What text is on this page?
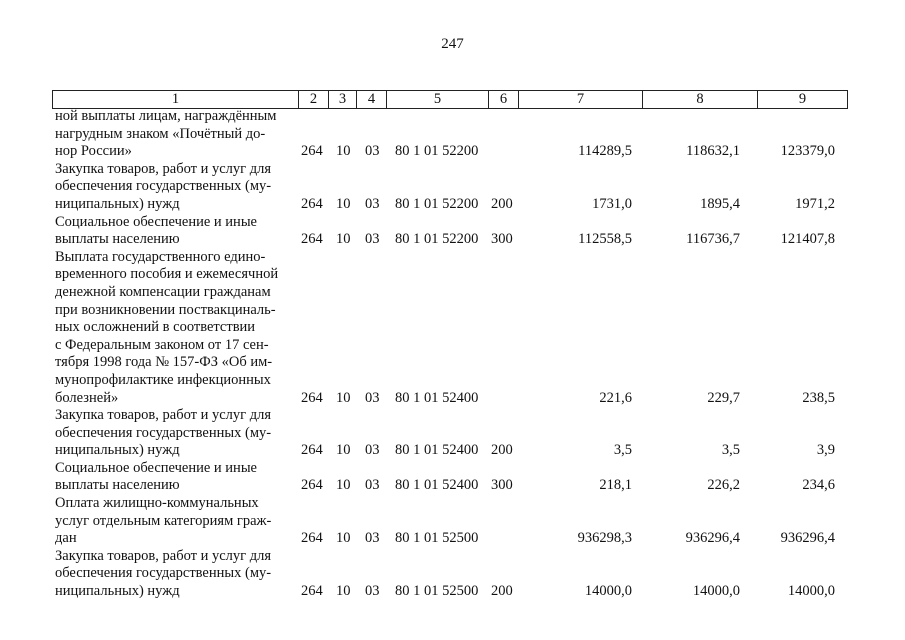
247
1	2	3	4	5	6	7	8	9
ной выплаты лицам, награждённым
нагрудным знаком «Почётный до-
нор России»	264 10 03 80 1 01 52200	114289,5	118632,1	123379,0
Закупка товаров, работ и услуг для
обеспечения государственных (му-
ниципальных) нужд	264 10 03 80 1 01 52200 200	1731,0	1895,4	1971,2
Социальное обеспечение и иные
выплаты населению	264 10 03 80 1 01 52200 300	112558,5	116736,7	121407,8
Выплата государственного едино-
временного пособия и ежемесячной
денежной компенсации гражданам
при возникновении поствакциналь-
ных осложнений в соответствии
с Федеральным законом от 17 сен-
тября 1998 года № 157-ФЗ «Об им-
мунопрофилактике инфекционных
болезней»	264 10 03 80 1 01 52400	221,6	229,7	238,5
Закупка товаров, работ и услуг для
обеспечения государственных (му-
ниципальных) нужд	264 10 03 80 1 01 52400 200	3,5	3,5	3,9
Социальное обеспечение и иные
выплаты населению	264 10 03 80 1 01 52400 300	218,1	226,2	234,6
Оплата жилищно-коммунальных
услуг отдельным категориям граж-
дан	264 10 03 80 1 01 52500	936298,3	936296,4	936296,4
Закупка товаров, работ и услуг для
обеспечения государственных (му-
ниципальных) нужд	264 10 03 80 1 01 52500 200	14000,0	14000,0	14000,0
